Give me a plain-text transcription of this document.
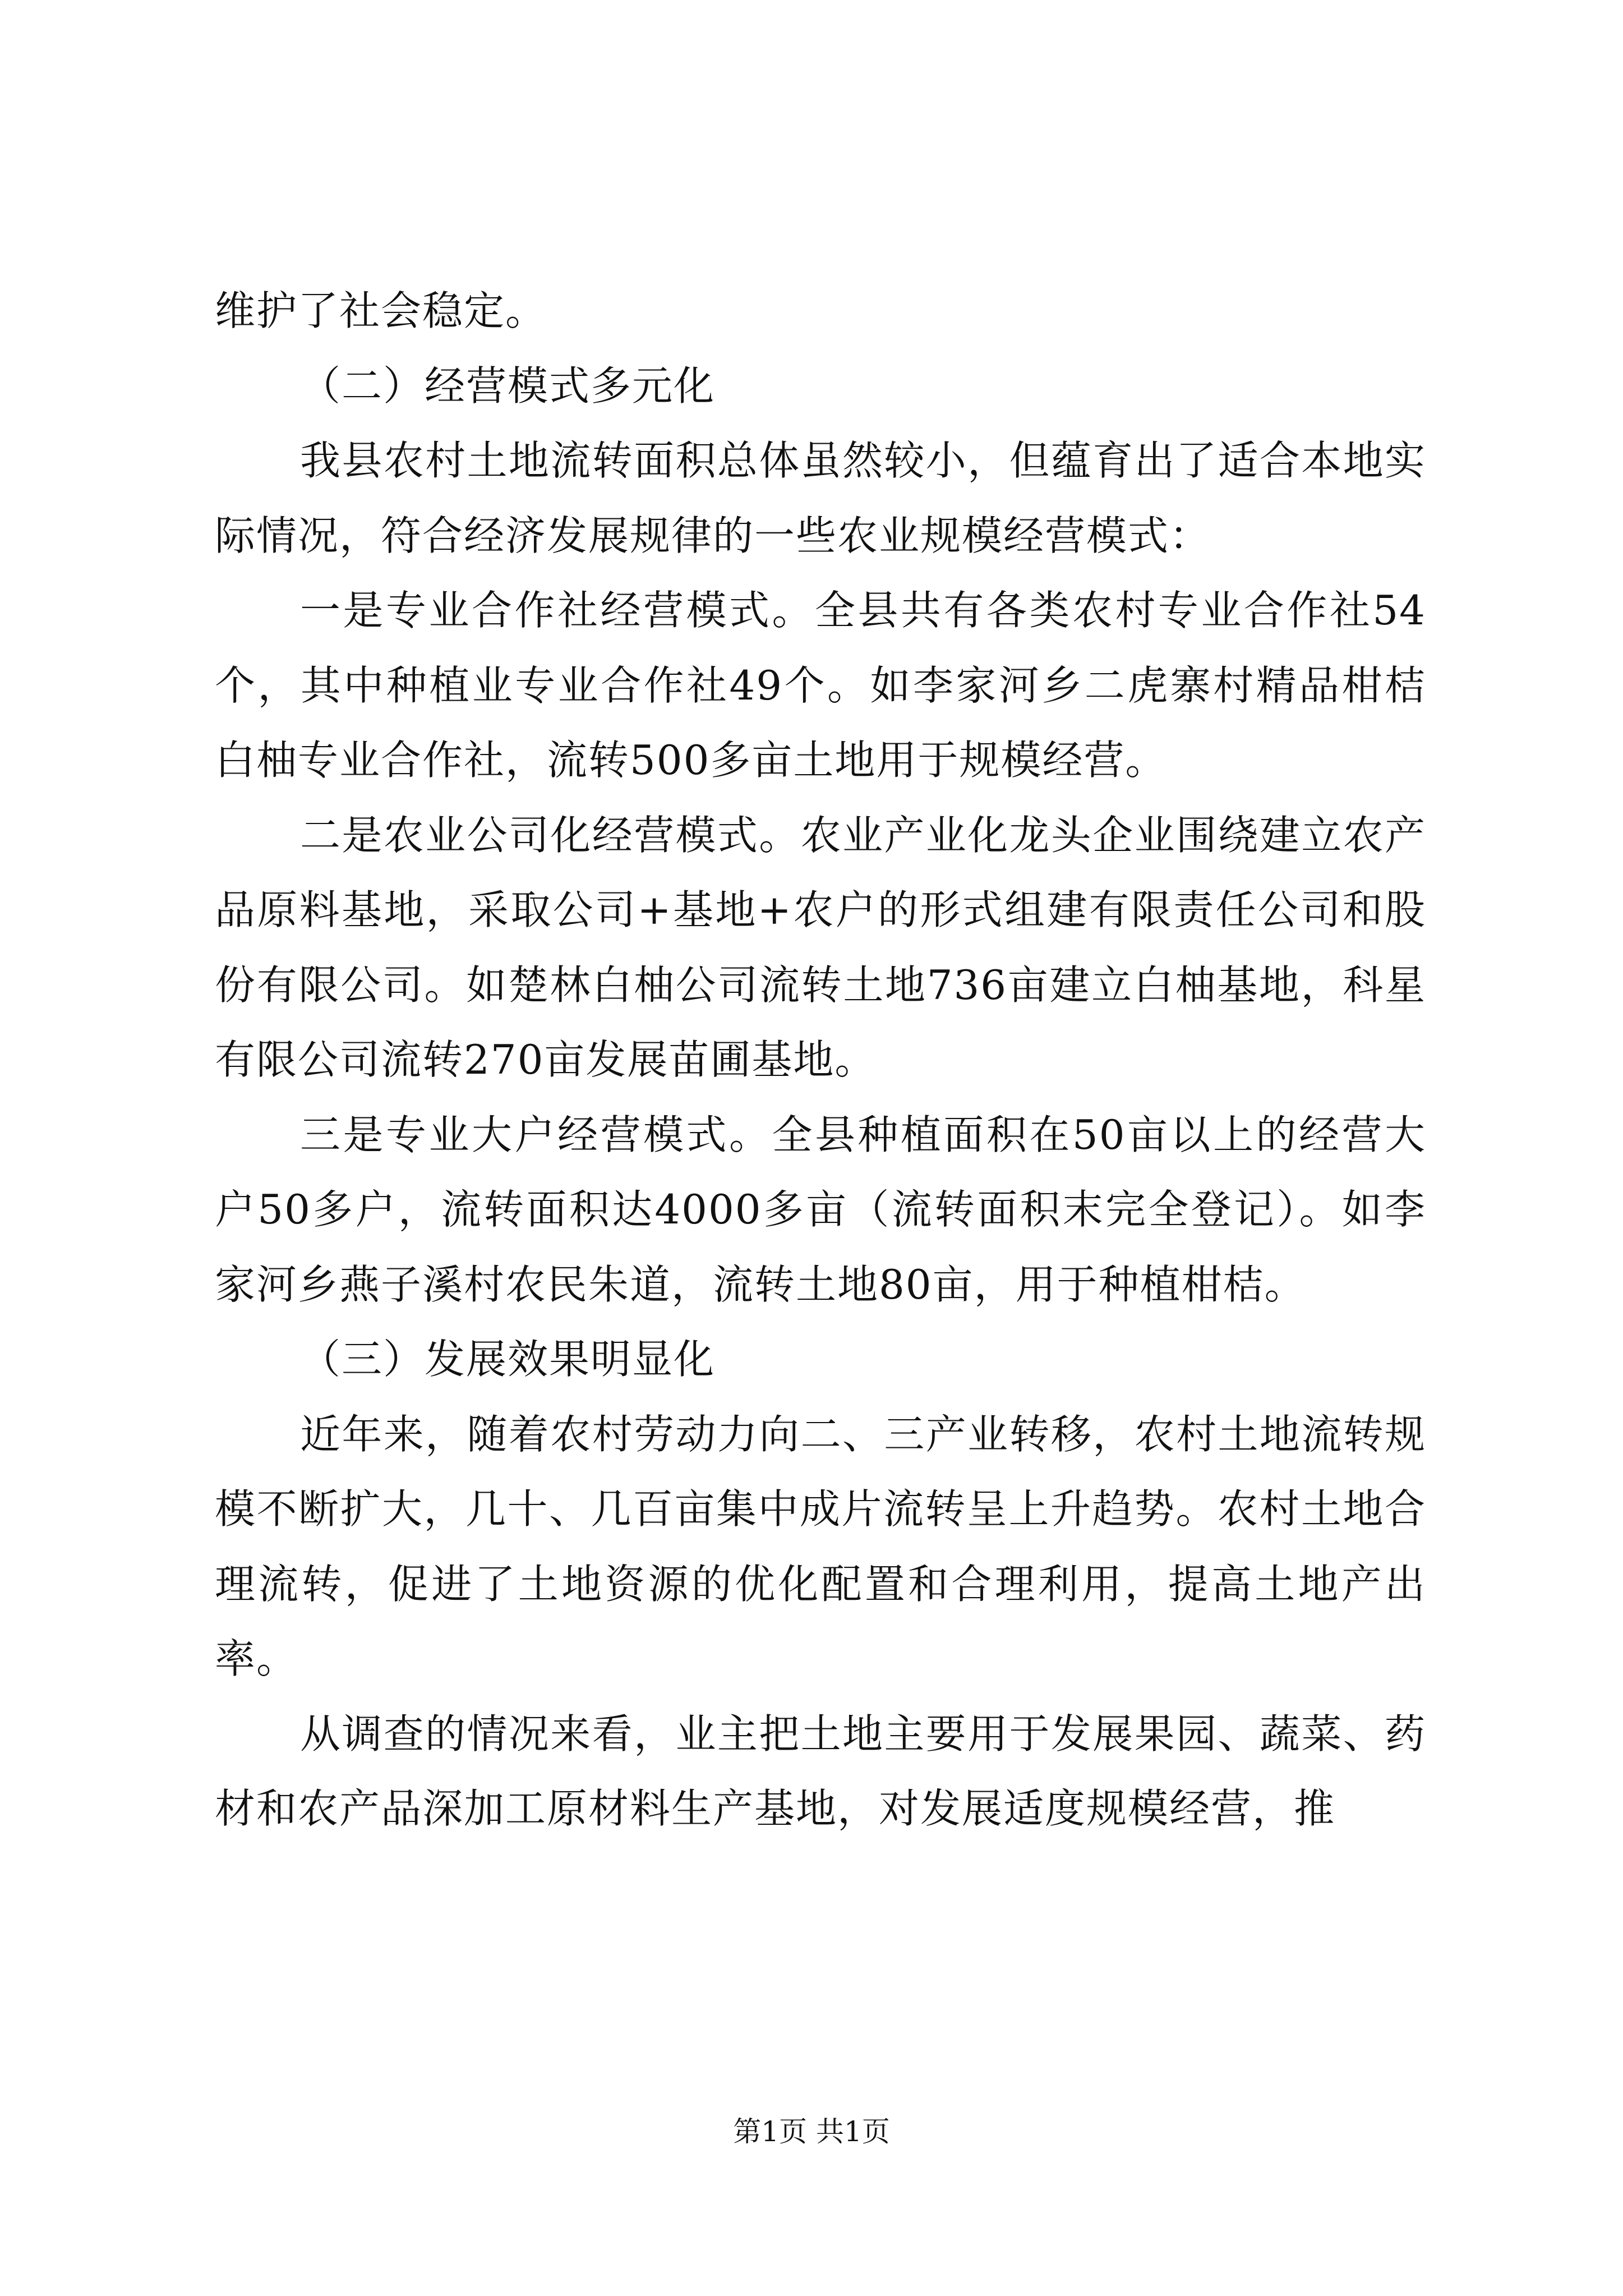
维护了社会稳定。

（二）经营模式多元化

我县农村土地流转面积总体虽然较小，但蕴育出了适合本地实际情况，符合经济发展规律的一些农业规模经营模式：

一是专业合作社经营模式。全县共有各类农村专业合作社54个，其中种植业专业合作社49个。如李家河乡二虎寨村精品柑桔白柚专业合作社，流转500多亩土地用于规模经营。

二是农业公司化经营模式。农业产业化龙头企业围绕建立农产品原料基地，采取公司+基地+农户的形式组建有限责任公司和股份有限公司。如楚林白柚公司流转土地736亩建立白柚基地，科星有限公司流转270亩发展苗圃基地。

三是专业大户经营模式。全县种植面积在50亩以上的经营大户50多户，流转面积达4000多亩（流转面积末完全登记）。如李家河乡燕子溪村农民朱道，流转土地80亩，用于种植柑桔。

（三）发展效果明显化

近年来，随着农村劳动力向二、三产业转移，农村土地流转规模不断扩大，几十、几百亩集中成片流转呈上升趋势。农村土地合理流转，促进了土地资源的优化配置和合理利用，提高土地产出率。

从调查的情况来看，业主把土地主要用于发展果园、蔬菜、药材和农产品深加工原材料生产基地，对发展适度规模经营，推

第1页 共1页
